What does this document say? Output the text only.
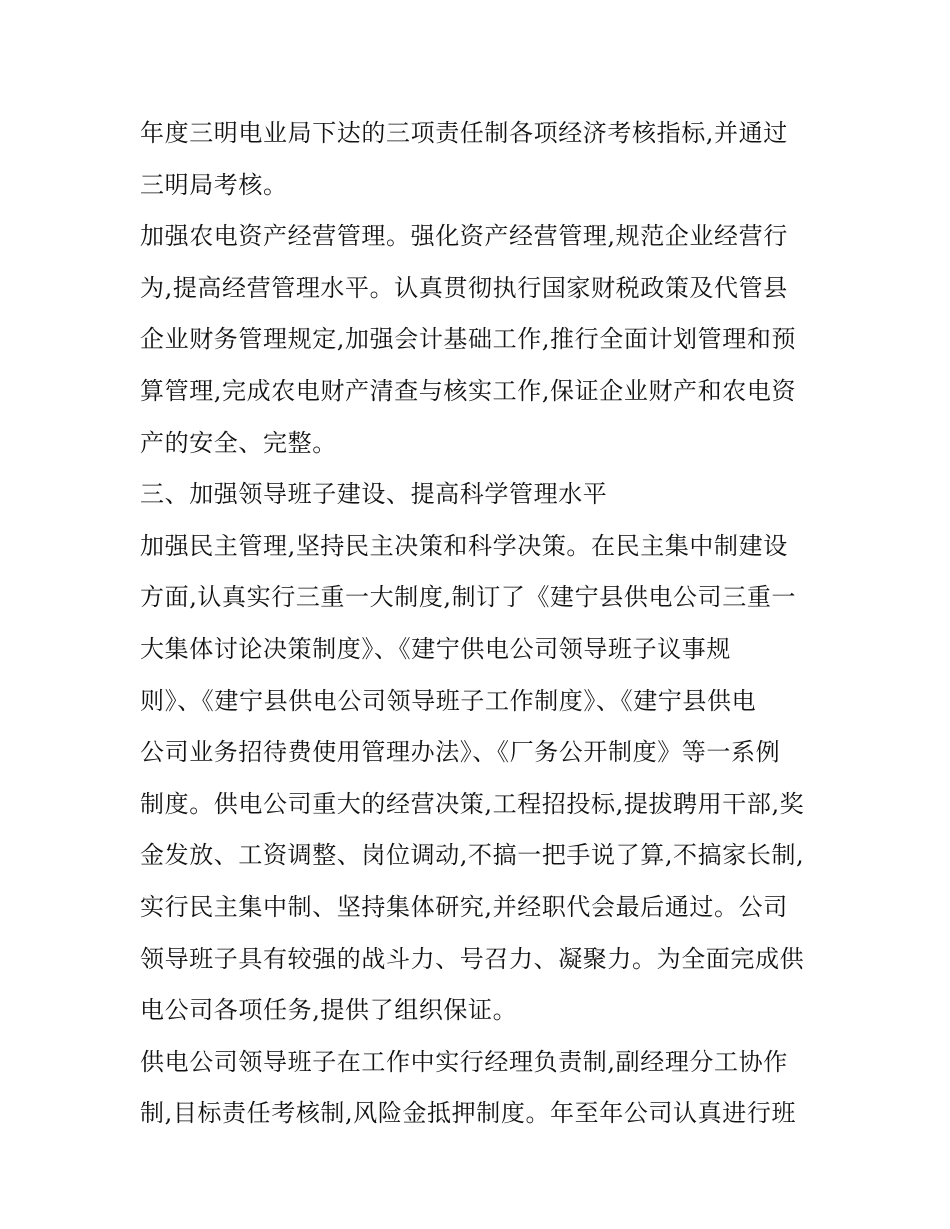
年度三明电业局下达的三项责任制各项经济考核指标,并通过
三明局考核。
加强农电资产经营管理。强化资产经营管理,规范企业经营行
为,提高经营管理水平。认真贯彻执行国家财税政策及代管县
企业财务管理规定,加强会计基础工作,推行全面计划管理和预
算管理,完成农电财产清查与核实工作,保证企业财产和农电资
产的安全、完整。
三、加强领导班子建设、提高科学管理水平
加强民主管理,坚持民主决策和科学决策。在民主集中制建设
方面,认真实行三重一大制度,制订了《建宁县供电公司三重一
大集体讨论决策制度》、《建宁供电公司领导班子议事规
则》、《建宁县供电公司领导班子工作制度》、《建宁县供电
公司业务招待费使用管理办法》、《厂务公开制度》等一系例
制度。供电公司重大的经营决策,工程招投标,提拔聘用干部,奖
金发放、工资调整、岗位调动,不搞一把手说了算,不搞家长制,
实行民主集中制、坚持集体研究,并经职代会最后通过。公司
领导班子具有较强的战斗力、号召力、凝聚力。为全面完成供
电公司各项任务,提供了组织保证。
供电公司领导班子在工作中实行经理负责制,副经理分工协作
制,目标责任考核制,风险金抵押制度。年至年公司认真进行班
